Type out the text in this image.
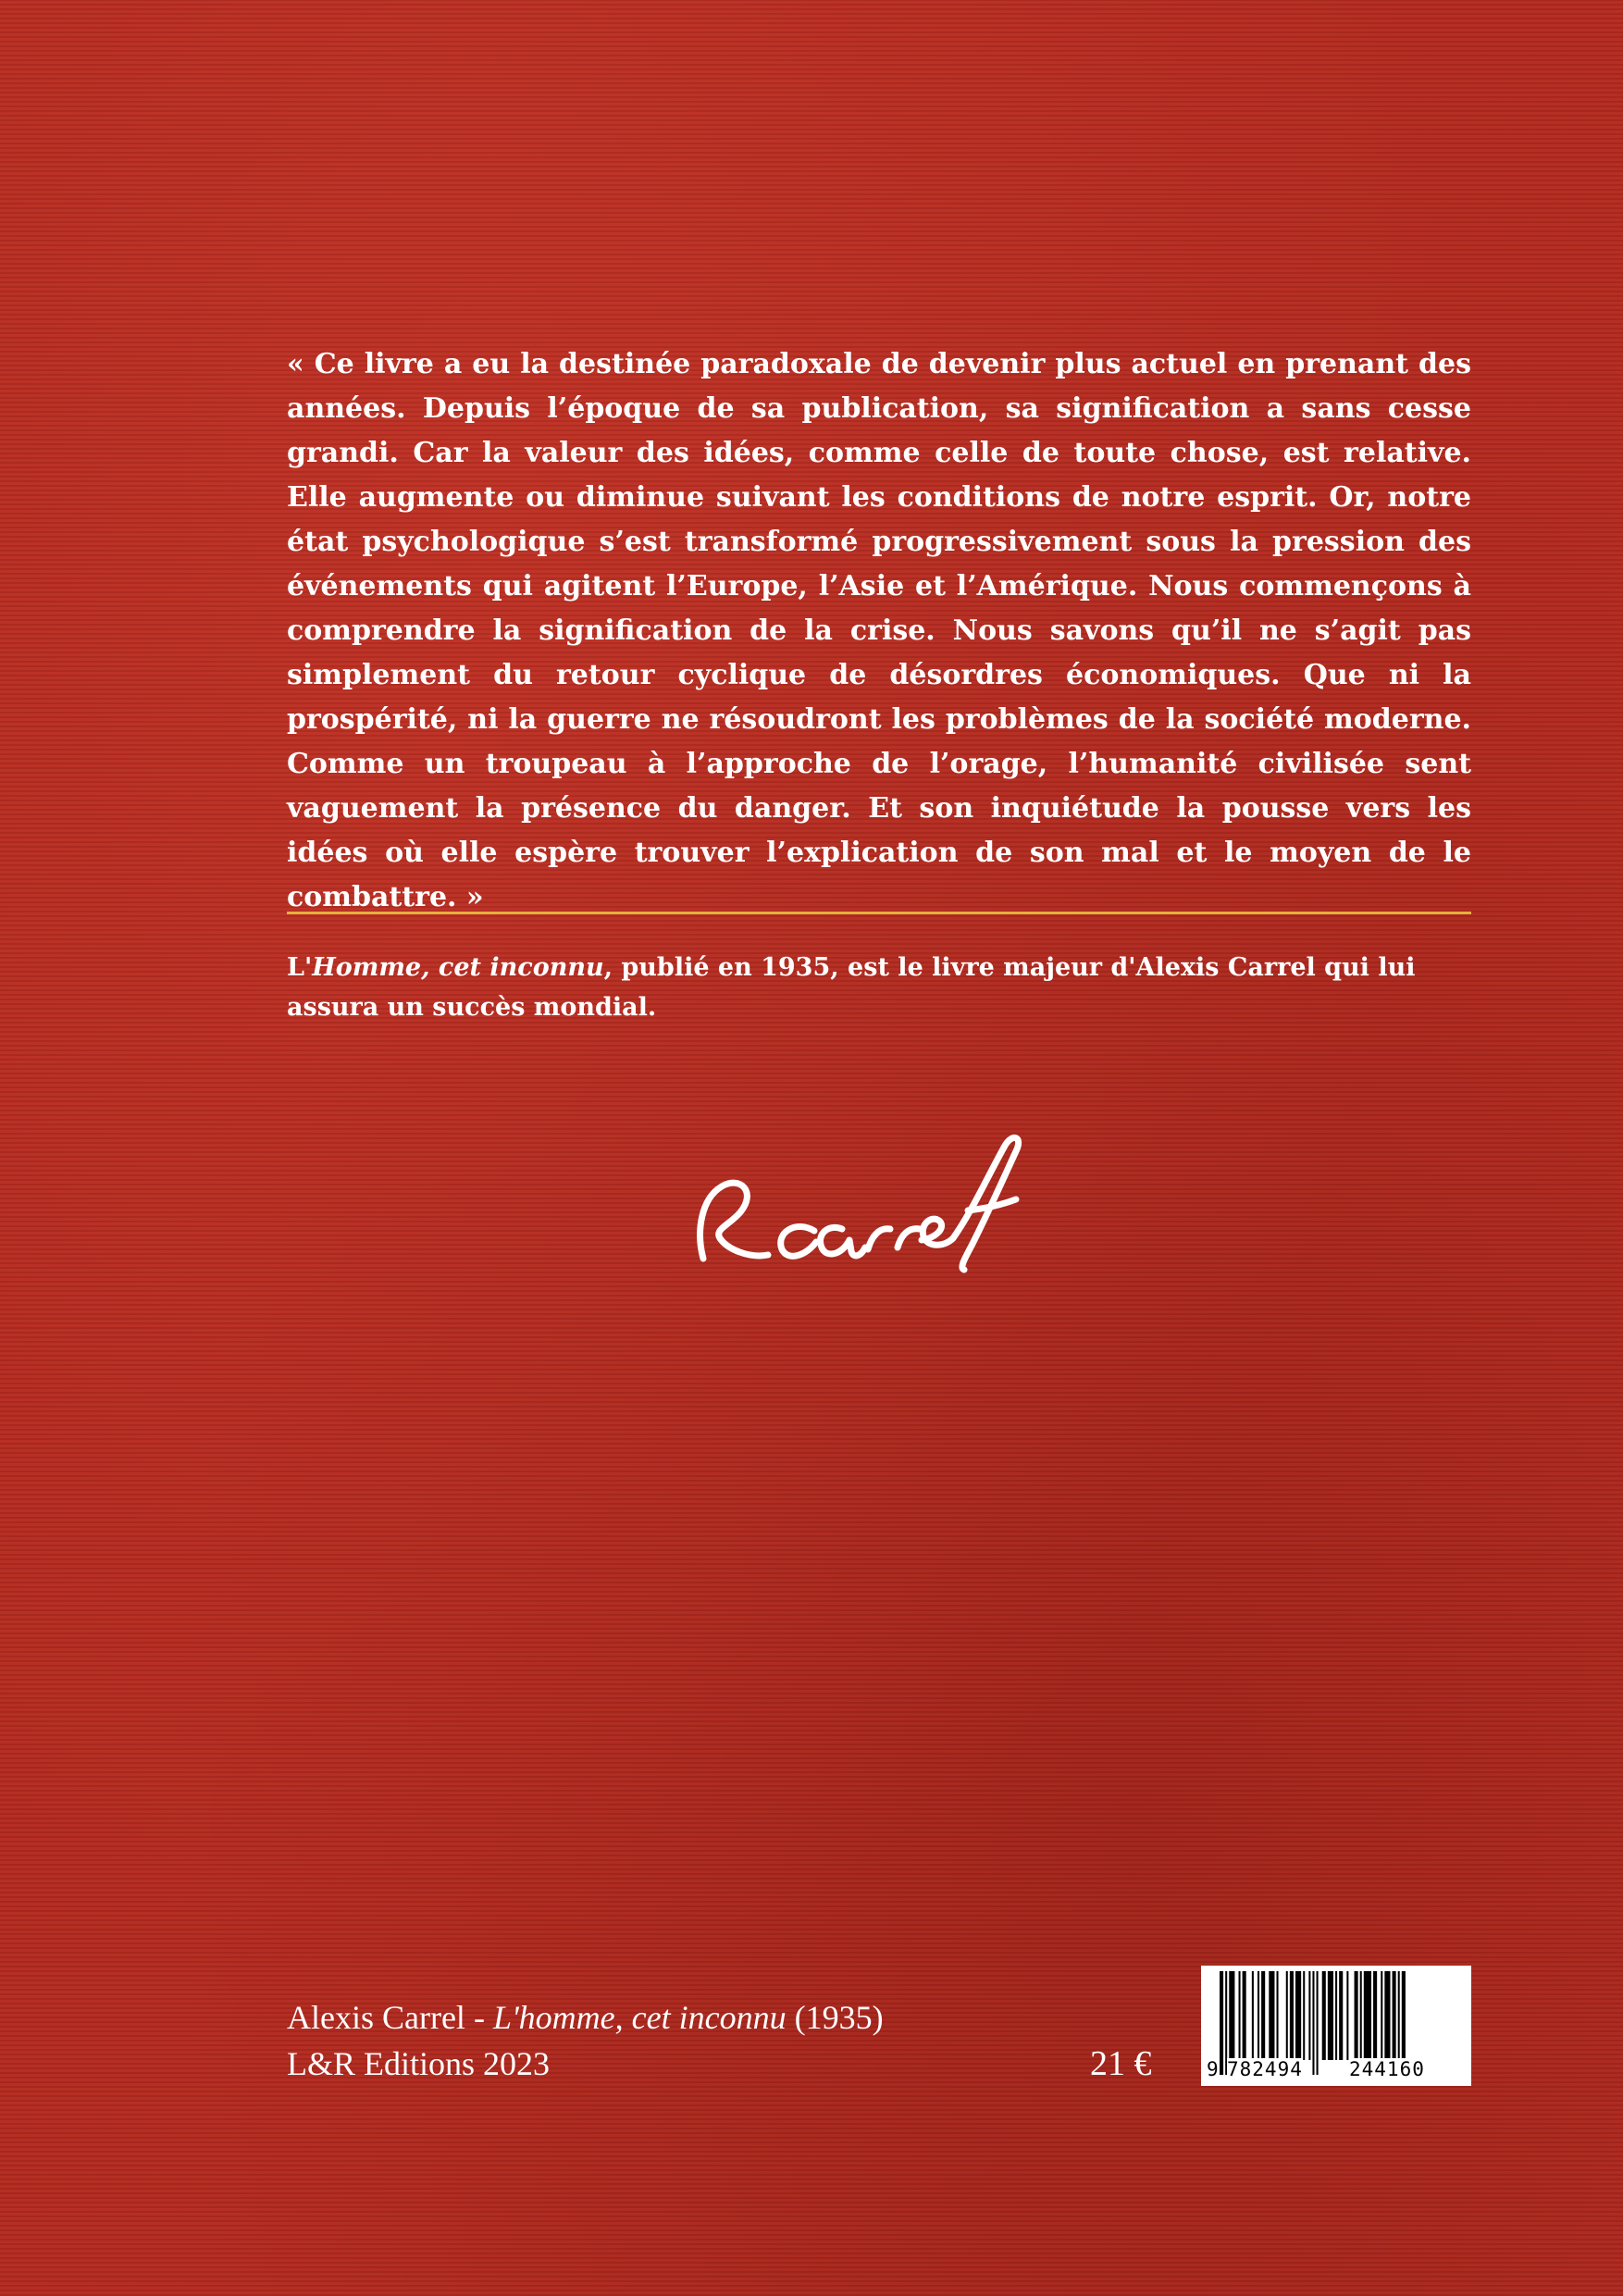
« Ce livre a eu la destinée paradoxale de devenir plus actuel en prenant des années. Depuis l’époque de sa publication, sa signification a sans cesse grandi. Car la valeur des idées, comme celle de toute chose, est relative. Elle augmente ou diminue suivant les conditions de notre esprit. Or, notre état psychologique s’est transformé progressivement sous la pression des événements qui agitent l’Europe, l’Asie et l’Amérique. Nous commençons à comprendre la signification de la crise. Nous savons qu’il ne s’agit pas simplement du retour cyclique de désordres économiques. Que ni la prospérité, ni la guerre ne résoudront les problèmes de la société moderne. Comme un troupeau à l’approche de l’orage, l’humanité civilisée sent vaguement la présence du danger. Et son inquiétude la pousse vers les idées où elle espère trouver l’explication de son mal et le moyen de le combattre. »

L'Homme, cet inconnu, publié en 1935, est le livre majeur d'Alexis Carrel qui lui assura un succès mondial.

Alexis Carrel - L'homme, cet inconnu (1935)
L&R Editions 2023	21 €	9 782494 244160
